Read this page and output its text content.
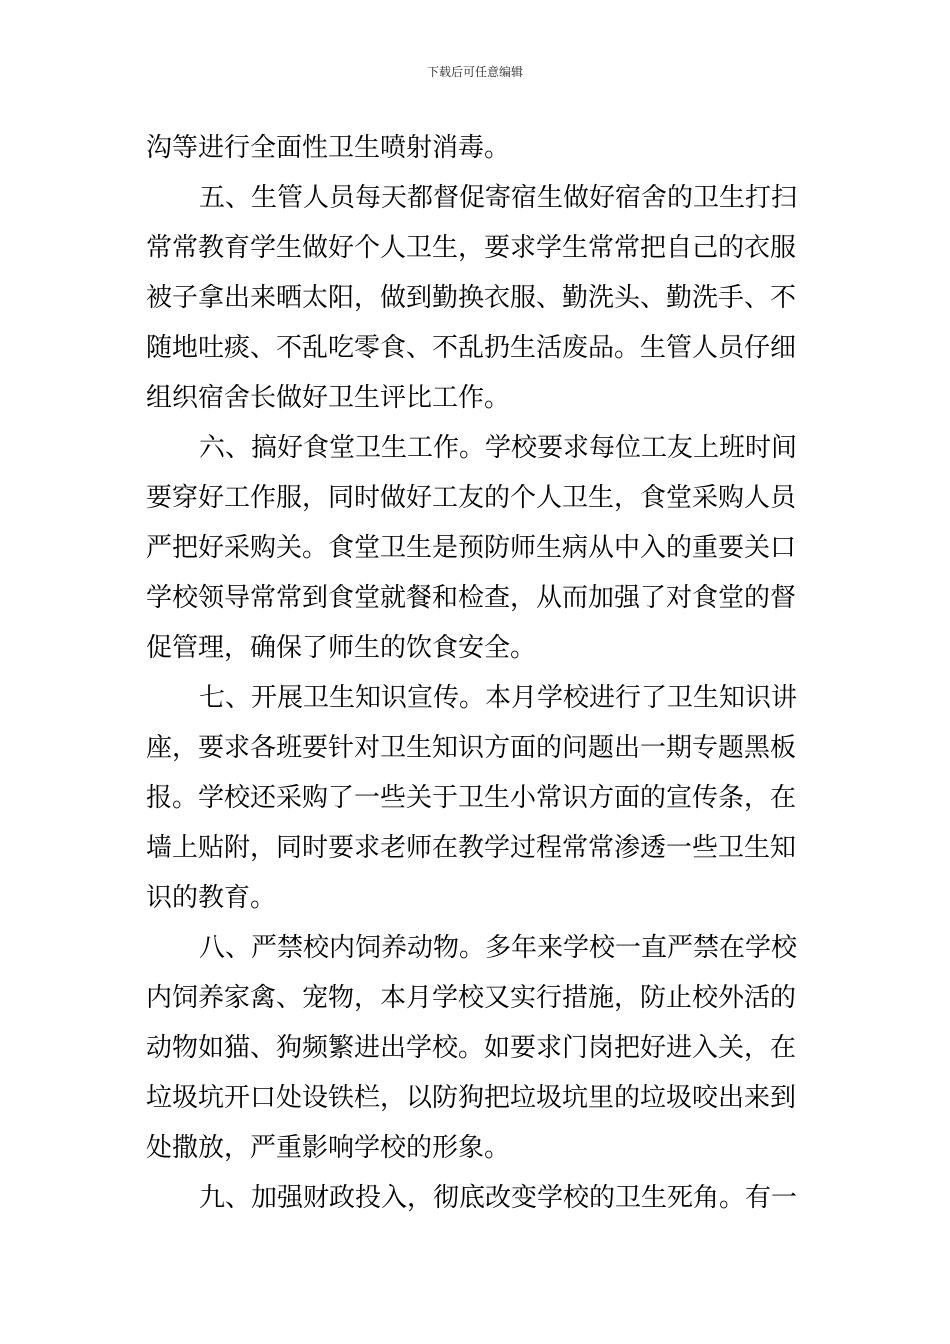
下载后可任意编辑
沟等进行全面性卫生喷射消毒。
五、生管人员每天都督促寄宿生做好宿舍的卫生打扫
常常教育学生做好个人卫生，要求学生常常把自己的衣服
被子拿出来晒太阳，做到勤换衣服、勤洗头、勤洗手、不
随地吐痰、不乱吃零食、不乱扔生活废品。生管人员仔细
组织宿舍长做好卫生评比工作。
六、搞好食堂卫生工作。学校要求每位工友上班时间
要穿好工作服，同时做好工友的个人卫生，食堂采购人员
严把好采购关。食堂卫生是预防师生病从中入的重要关口
学校领导常常到食堂就餐和检查，从而加强了对食堂的督
促管理，确保了师生的饮食安全。
七、开展卫生知识宣传。本月学校进行了卫生知识讲
座，要求各班要针对卫生知识方面的问题出一期专题黑板
报。学校还采购了一些关于卫生小常识方面的宣传条，在
墙上贴附，同时要求老师在教学过程常常渗透一些卫生知
识的教育。
八、严禁校内饲养动物。多年来学校一直严禁在学校
内饲养家禽、宠物，本月学校又实行措施，防止校外活的
动物如猫、狗频繁进出学校。如要求门岗把好进入关，在
垃圾坑开口处设铁栏，以防狗把垃圾坑里的垃圾咬出来到
处撒放，严重影响学校的形象。
九、加强财政投入，彻底改变学校的卫生死角。有一
